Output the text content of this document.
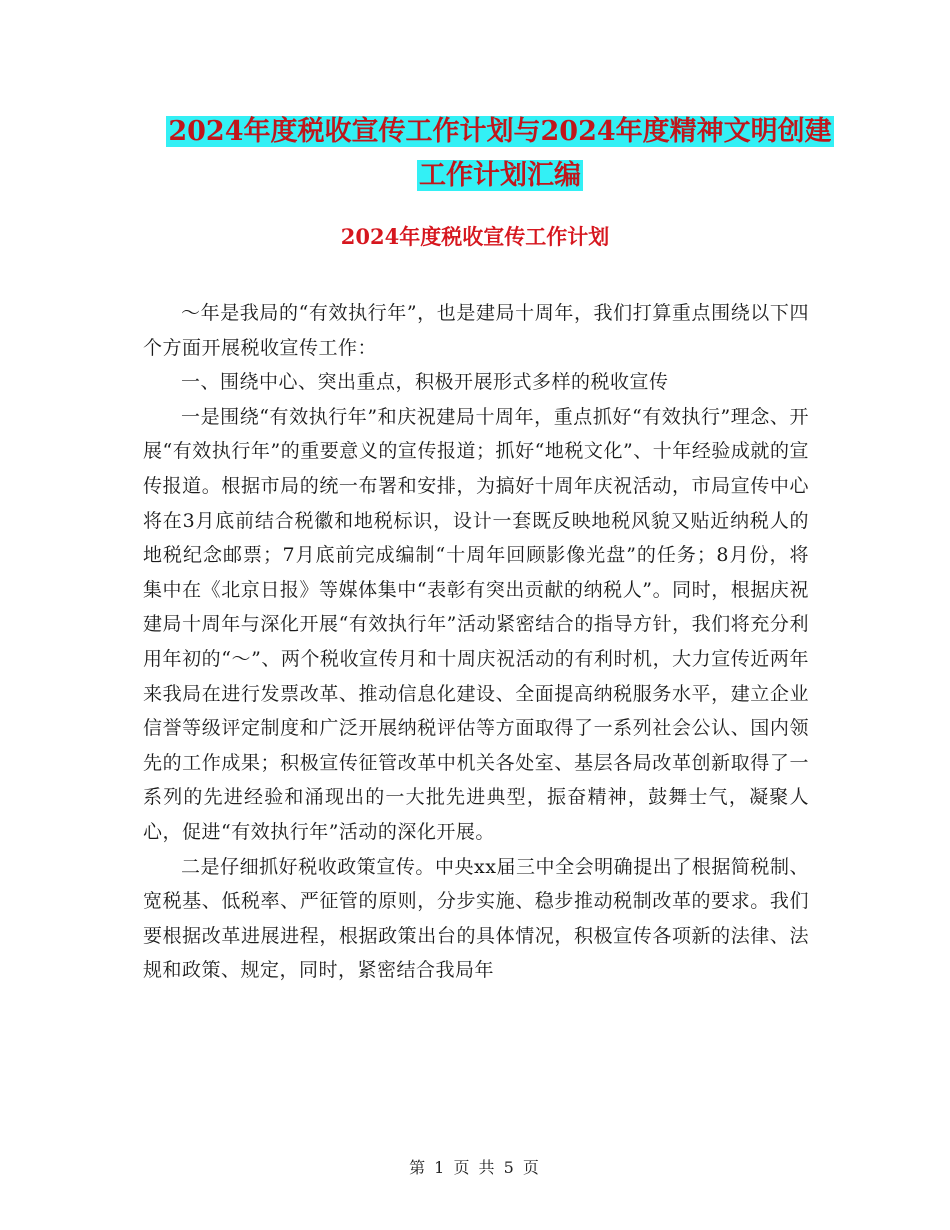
2024年度税收宣传工作计划与2024年度精神文明创建
工作计划汇编
2024年度税收宣传工作计划

～年是我局的“有效执行年”，也是建局十周年，我们打算重点围绕以下四个方面开展税收宣传工作：

一、围绕中心、突出重点，积极开展形式多样的税收宣传

一是围绕“有效执行年”和庆祝建局十周年，重点抓好“有效执行”理念、开展“有效执行年”的重要意义的宣传报道；抓好“地税文化”、十年经验成就的宣传报道。根据市局的统一布署和安排，为搞好十周年庆祝活动，市局宣传中心将在3月底前结合税徽和地税标识，设计一套既反映地税风貌又贴近纳税人的地税纪念邮票；7月底前完成编制“十周年回顾影像光盘”的任务；8月份，将集中在《北京日报》等媒体集中“表彰有突出贡献的纳税人”。同时，根据庆祝建局十周年与深化开展“有效执行年”活动紧密结合的指导方针，我们将充分利用年初的“～”、两个税收宣传月和十周庆祝活动的有利时机，大力宣传近两年来我局在进行发票改革、推动信息化建设、全面提高纳税服务水平，建立企业信誉等级评定制度和广泛开展纳税评估等方面取得了一系列社会公认、国内领先的工作成果；积极宣传征管改革中机关各处室、基层各局改革创新取得了一系列的先进经验和涌现出的一大批先进典型，振奋精神，鼓舞士气，凝聚人心，促进“有效执行年”活动的深化开展。

二是仔细抓好税收政策宣传。中央xx届三中全会明确提出了根据简税制、宽税基、低税率、严征管的原则，分步实施、稳步推动税制改革的要求。我们要根据改革进展进程，根据政策出台的具体情况，积极宣传各项新的法律、法规和政策、规定，同时，紧密结合我局年

第 1 页 共 5 页
